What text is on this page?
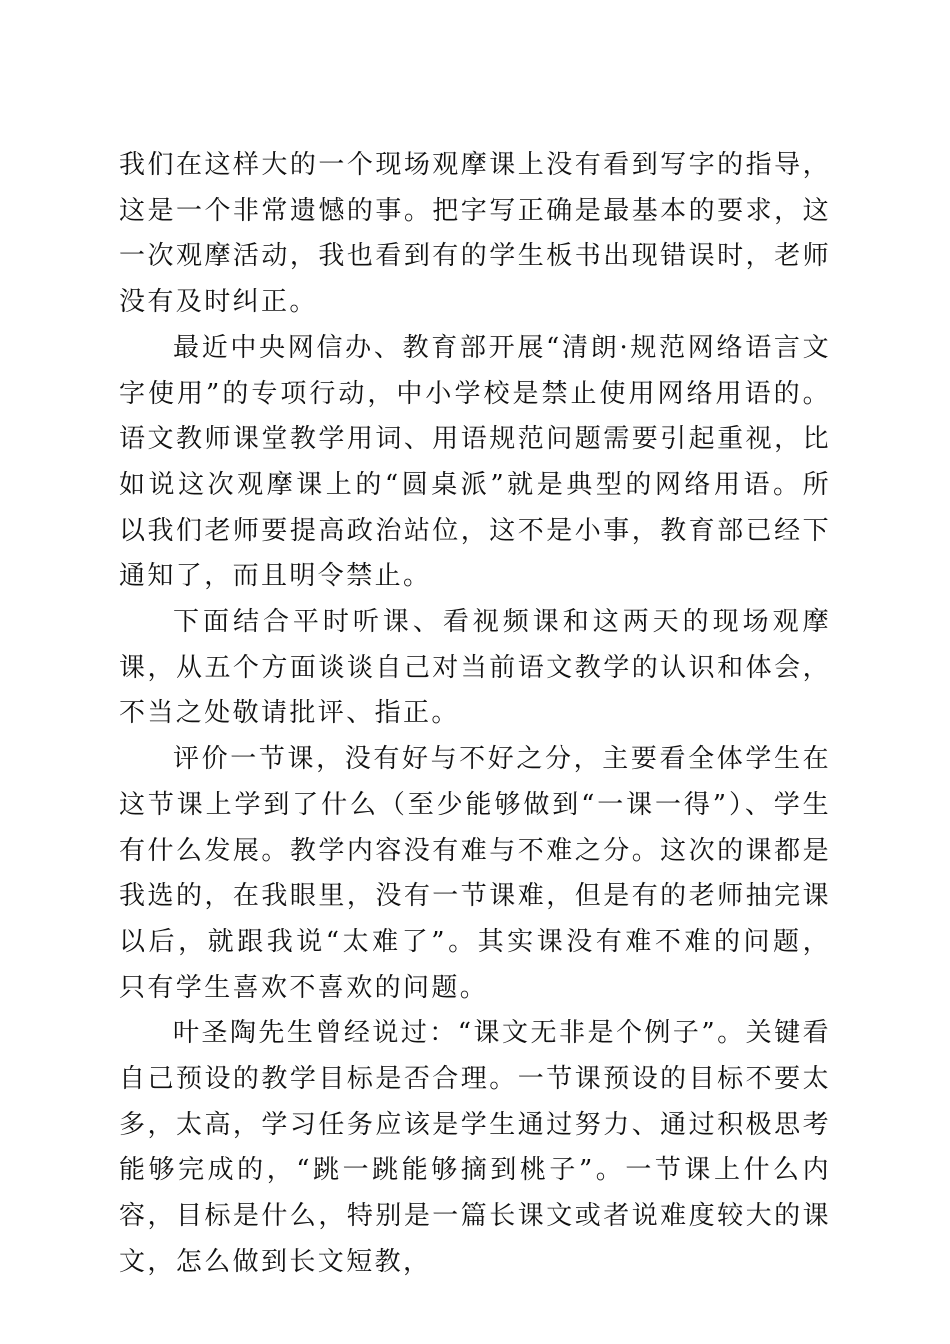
我们在这样大的一个现场观摩课上没有看到写字的指导，这是一个非常遗憾的事。把字写正确是最基本的要求，这一次观摩活动，我也看到有的学生板书出现错误时，老师没有及时纠正。

最近中央网信办、教育部开展“清朗·规范网络语言文字使用”的专项行动，中小学校是禁止使用网络用语的。语文教师课堂教学用词、用语规范问题需要引起重视，比如说这次观摩课上的“圆桌派”就是典型的网络用语。所以我们老师要提高政治站位，这不是小事，教育部已经下通知了，而且明令禁止。

下面结合平时听课、看视频课和这两天的现场观摩课，从五个方面谈谈自己对当前语文教学的认识和体会，不当之处敬请批评、指正。

评价一节课，没有好与不好之分，主要看全体学生在这节课上学到了什么（至少能够做到“一课一得”）、学生有什么发展。教学内容没有难与不难之分。这次的课都是我选的，在我眼里，没有一节课难，但是有的老师抽完课以后，就跟我说“太难了”。其实课没有难不难的问题，只有学生喜欢不喜欢的问题。

叶圣陶先生曾经说过：“课文无非是个例子”。关键看自己预设的教学目标是否合理。一节课预设的目标不要太多，太高，学习任务应该是学生通过努力、通过积极思考能够完成的，“跳一跳能够摘到桃子”。一节课上什么内容，目标是什么，特别是一篇长课文或者说难度较大的课文，怎么做到长文短教，
